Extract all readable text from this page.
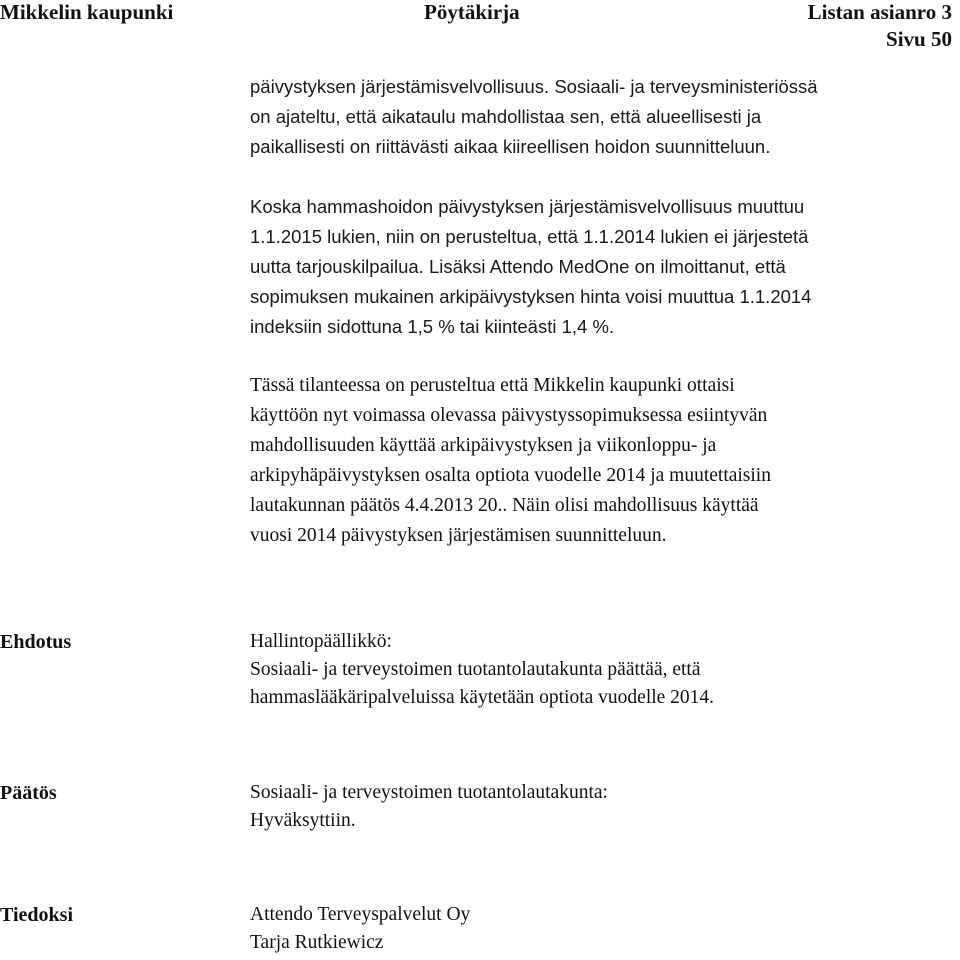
Mikkelin kaupunki	Pöytäkirja	Listan asianro 3
Sivu 50
päivystyksen järjestämisvelvollisuus. Sosiaali- ja terveysministeriössä
on ajateltu, että aikataulu mahdollistaa sen, että alueellisesti ja
paikallisesti on riittävästi aikaa kiireellisen hoidon suunnitteluun.
Koska hammashoidon päivystyksen järjestämisvelvollisuus muuttuu
1.1.2015 lukien, niin on perusteltua, että 1.1.2014 lukien ei järjestetä
uutta tarjouskilpailua. Lisäksi Attendo MedOne on ilmoittanut, että
sopimuksen mukainen arkipäivystyksen hinta voisi muuttua 1.1.2014
indeksiin sidottuna 1,5 % tai kiinteästi 1,4 %.
Tässä tilanteessa on perusteltua että Mikkelin kaupunki ottaisi
käyttöön nyt voimassa olevassa päivystyssopimuksessa esiintyvän
mahdollisuuden käyttää arkipäivystyksen ja viikonloppu- ja
arkipyhäpäivystyksen osalta optiota vuodelle 2014 ja muutettaisiin
lautakunnan päätös 4.4.2013 20.. Näin olisi mahdollisuus käyttää
vuosi 2014 päivystyksen järjestämisen suunnitteluun.
Ehdotus	Hallintopäällikkö:
Sosiaali- ja terveystoimen tuotantolautakunta päättää, että
hammaslääkäripalveluissa käytetään optiota vuodelle 2014.
Päätös	Sosiaali- ja terveystoimen tuotantolautakunta:
Hyväksyttiin.
Tiedoksi	Attendo Terveyspalvelut Oy
Tarja Rutkiewicz
